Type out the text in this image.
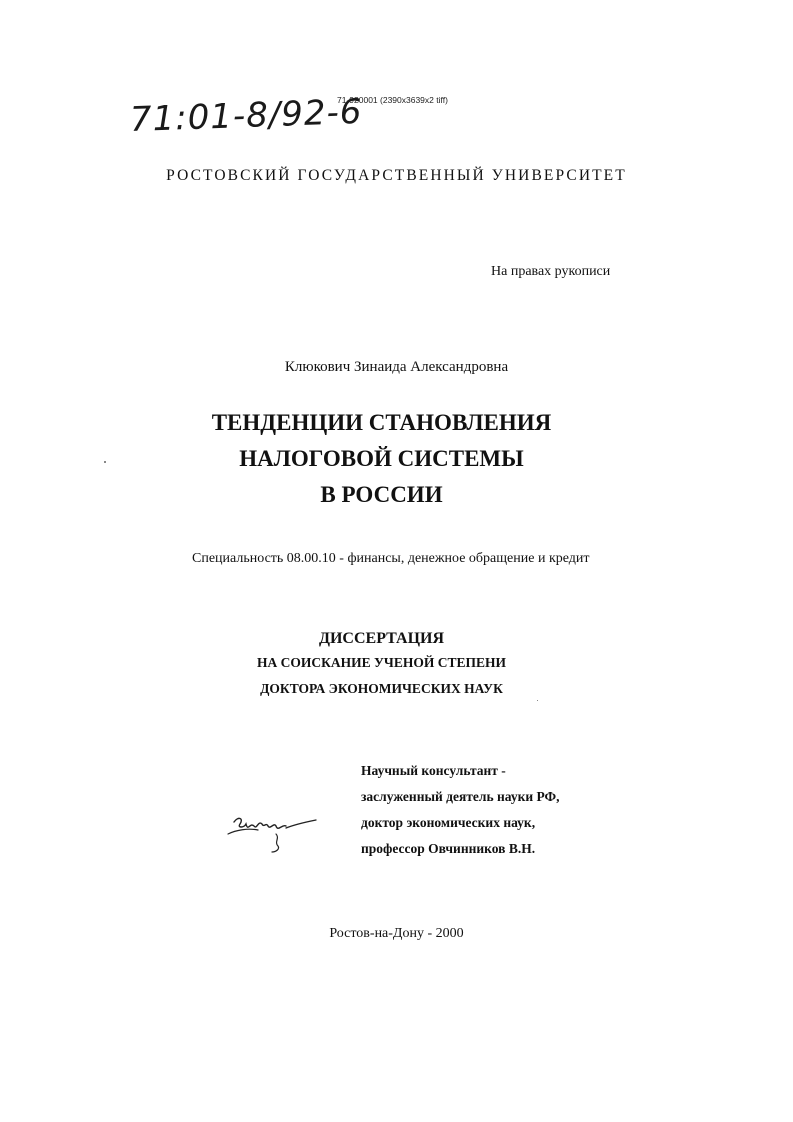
71-920001 (2390x3639x2 tiff)
71:01-8/92-6
РОСТОВСКИЙ ГОСУДАРСТВЕННЫЙ УНИВЕРСИТЕТ
На правах рукописи
Клюкович Зинаида Александровна
ТЕНДЕНЦИИ СТАНОВЛЕНИЯ
НАЛОГОВОЙ СИСТЕМЫ
В РОССИИ
Специальность 08.00.10 - финансы, денежное обращение и кредит
ДИССЕРТАЦИЯ
НА СОИСКАНИЕ УЧЕНОЙ СТЕПЕНИ
ДОКТОРА ЭКОНОМИЧЕСКИХ НАУК
Научный консультант -
заслуженный деятель науки РФ,
доктор экономических наук,
профессор Овчинников В.Н.
Ростов-на-Дону - 2000
